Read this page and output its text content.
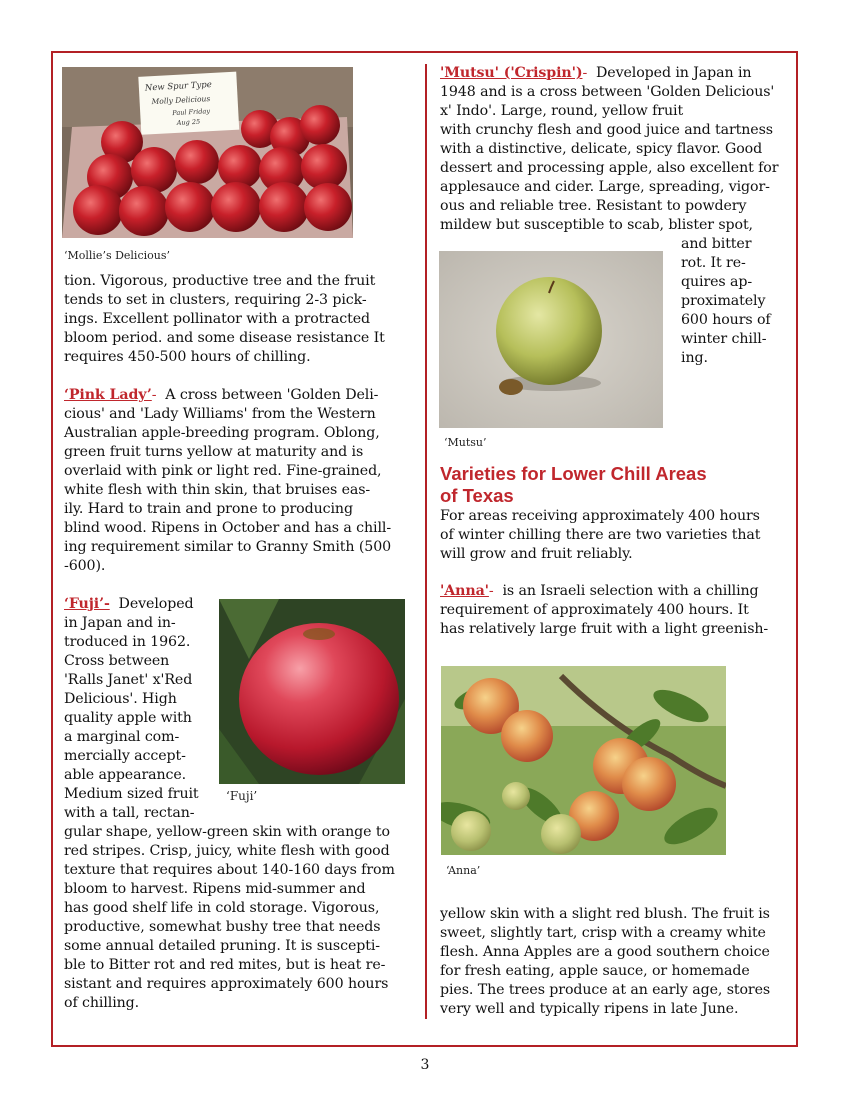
New Spur Type
Molly Delicious
Paul Friday
Aug 25

‘Mollie’s Delicious’

tion. Vigorous, productive tree and the fruit
tends to set in clusters, requiring 2-3 pick-
ings. Excellent pollinator with a protracted
bloom period. and some disease resistance It
requires 450-500 hours of chilling.
‘Pink Lady’-  A cross between 'Golden Deli-
cious' and 'Lady Williams' from the Western
Australian apple-breeding program. Oblong,
green fruit turns yellow at maturity and is
overlaid with pink or light red. Fine-grained,
white flesh with thin skin, that bruises eas-
ily. Hard to train and prone to producing
blind wood. Ripens in October and has a chill-
ing requirement similar to Granny Smith (500
-600).
‘Fuji’-  Developed
in Japan and in-
troduced in 1962.
Cross between
'Ralls Janet' x'Red
Delicious'. High
quality apple with
a marginal com-
mercially accept-
able appearance.
Medium sized fruit
with a tall, rectan-

‘Fuji’

gular shape, yellow-green skin with orange to
red stripes. Crisp, juicy, white flesh with good
texture that requires about 140-160 days from
bloom to harvest. Ripens mid-summer and
has good shelf life in cold storage. Vigorous,
productive, somewhat bushy tree that needs
some annual detailed pruning. It is suscepti-
ble to Bitter rot and red mites, but is heat re-
sistant and requires approximately 600 hours
of chilling.
'Mutsu' ('Crispin')-  Developed in Japan in
1948 and is a cross between 'Golden Delicious'
x' Indo'. Large, round, yellow fruit
with crunchy flesh and good juice and tartness
with a distinctive, delicate, spicy flavor. Good
dessert and processing apple, also excellent for
applesauce and cider. Large, spreading, vigor-
ous and reliable tree. Resistant to powdery
mildew but susceptible to scab, blister spot,
and bitter
rot. It re-
quires ap-
proximately
600 hours of
winter chill-
ing.

‘Mutsu’

Varieties for Lower Chill Areas
of Texas
For areas receiving approximately 400 hours
of winter chilling there are two varieties that
will grow and fruit reliably.
'Anna'-  is an Israeli selection with a chilling
requirement of approximately 400 hours. It
has relatively large fruit with a light greenish-

‘Anna’

yellow skin with a slight red blush. The fruit is
sweet, slightly tart, crisp with a creamy white
flesh. Anna Apples are a good southern choice
for fresh eating, apple sauce, or homemade
pies. The trees produce at an early age, stores
very well and typically ripens in late June.
3
